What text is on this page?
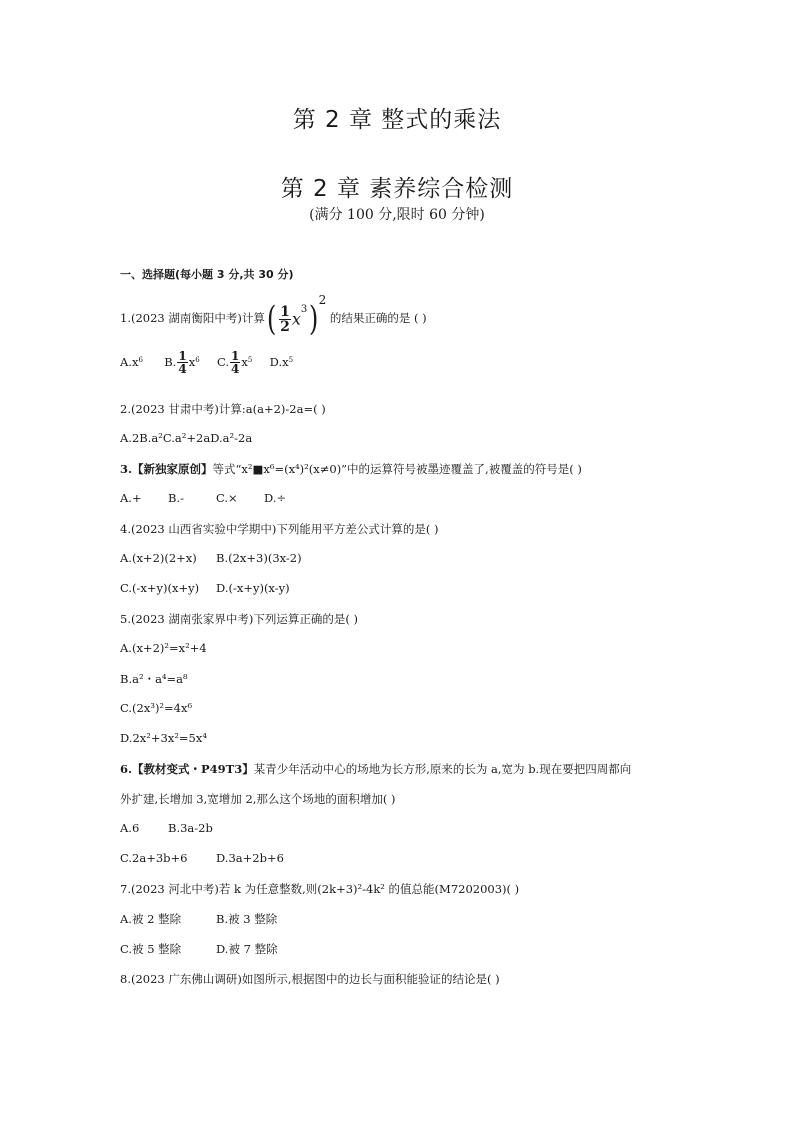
第 2 章 整式的乘法
第 2 章 素养综合检测
(满分 100 分,限时 60 分钟)
一、选择题(每小题 3 分,共 30 分)
1.(2023 湖南衡阳中考)计算( $\frac{1}{2} x^3)2$ 的结果正确的是 ( )
$A.x^6$ B. $\frac{1}{4} x^6$ C. $\frac{1}{4} x^5$ $D.x^5$
2.(2023 甘肃中考)计算:a(a+2)-2a=( )
A.2B.a²C.a²+2aD.a²-2a
3.【新独家原创】等式“x²■x⁶=(x⁴)²(x≠0)”中的运算符号被墨迹覆盖了,被覆盖的符号是( )
A.+ B.-	C.× D.÷
4.(2023 山西省实验中学期中)下列能用平方差公式计算的是( )
A.(x+2)(2+x) B.(2x+3)(3x-2)
C.(-x+y)(x+y) D.(-x+y)(x-y)
5.(2023 湖南张家界中考)下列运算正确的是( )
A.(x+2)²=x²+4
B.a²・a⁴=a⁸
C.(2x³)²=4x⁶
D.2x²+3x²=5x⁴
6.【教材变式・P49T3】某青少年活动中心的场地为长方形,原来的长为 a,宽为 b.现在要把四周都向
外扩建,长增加 3,宽增加 2,那么这个场地的面积增加( )
A.6 B.3a-2b
C.2a+3b+6 D.3a+2b+6
7.(2023 河北中考)若 k 为任意整数,则(2k+3)²-4k² 的值总能(M7202003)( )
A.被 2 整除	B.被 3 整除
C.被 5 整除	D.被 7 整除
8.(2023 广东佛山调研)如图所示,根据图中的边长与面积能验证的结论是( )
